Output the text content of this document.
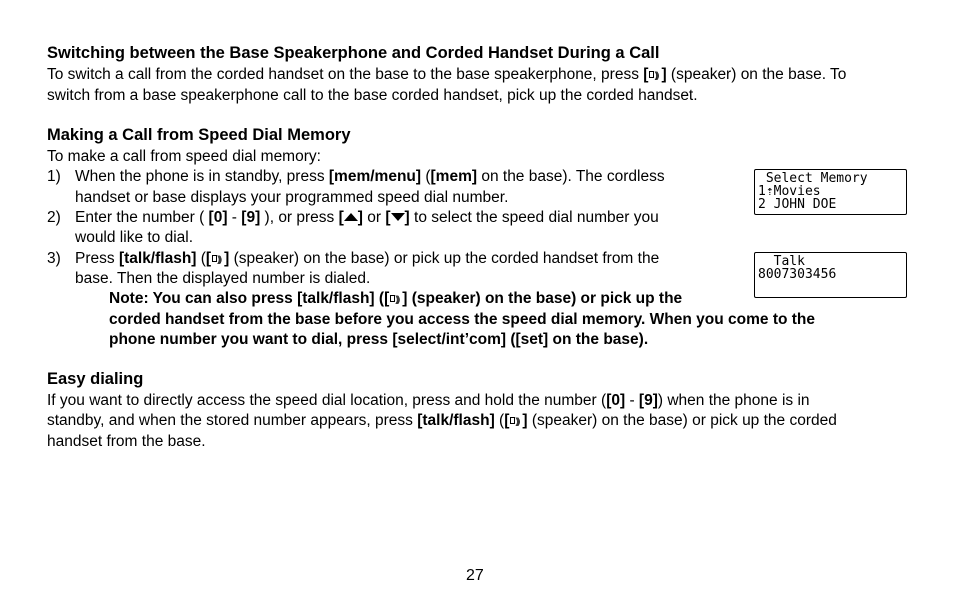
Switching between the Base Speakerphone and Corded Handset During a Call
To switch a call from the corded handset on the base to the base speakerphone, press [ ))) ] (speaker) on the base. To
switch from a base speakerphone call to the base corded handset, pick up the corded handset.
Making a Call from Speed Dial Memory
To make a call from speed dial memory:
1) When the phone is in standby, press [mem/menu] ([mem] on the base). The cordless
handset or base displays your programmed speed dial number.
2) Enter the number ( [0] - [9] ), or press [ ] or [ ] to select the speed dial number you
would like to dial.
3) Press [talk/flash] ([ ))) ] (speaker) on the base) or pick up the corded handset from the
base. Then the displayed number is dialed.
Note: You can also press [talk/flash] ([ ))) ] (speaker) on the base) or pick up the
corded handset from the base before you access the speed dial memory. When you come to the
phone number you want to dial, press [select/int’com] ([set] on the base).
Select Memory
1⇡Movies
2 JOHN DOE
Talk
8007303456
Easy dialing
If you want to directly access the speed dial location, press and hold the number ([0] - [9]) when the phone is in
standby, and when the stored number appears, press [talk/flash] ([ ))) ] (speaker) on the base) or pick up the corded
handset from the base.
27
